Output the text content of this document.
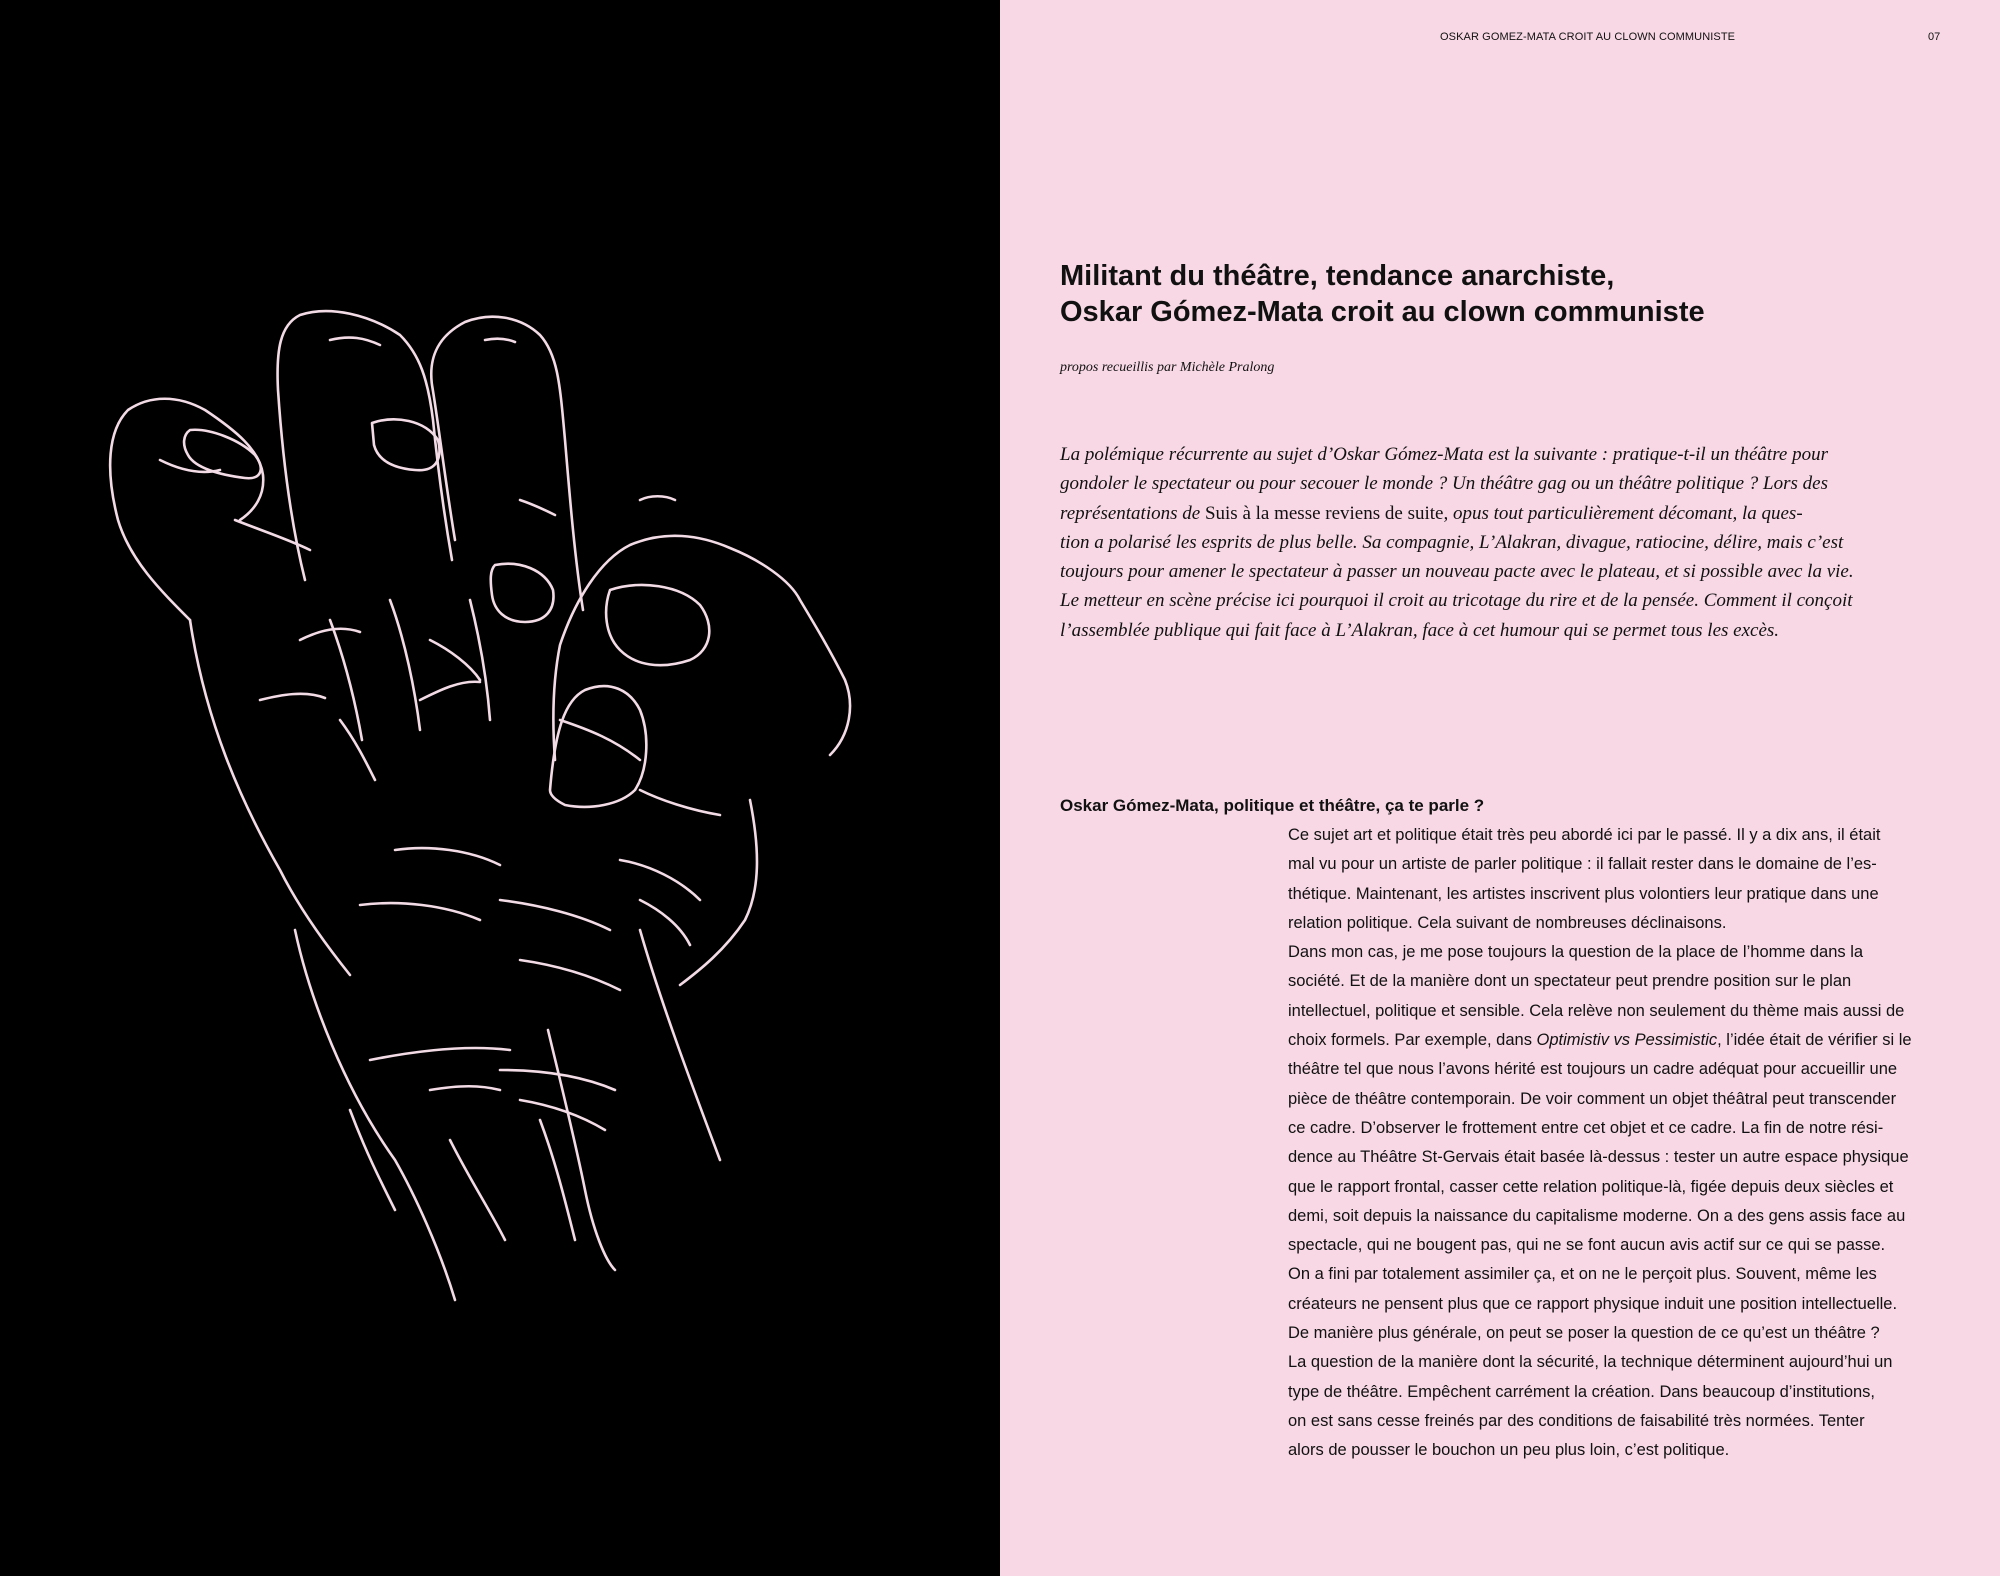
OSKAR GOMEZ-MATA CROIT AU CLOWN COMMUNISTE	07
Militant du théâtre, tendance anarchiste,
Oskar Gómez-Mata croit au clown communiste
propos recueillis par Michèle Pralong
La polémique récurrente au sujet d’Oskar Gómez-Mata est la suivante : pratique-t-il un théâtre pour
gondoler le spectateur ou pour secouer le monde ? Un théâtre gag ou un théâtre politique ? Lors des
représentations de Suis à la messe reviens de suite, opus tout particulièrement décomant, la ques-
tion a polarisé les esprits de plus belle. Sa compagnie, L’Alakran, divague, ratiocine, délire, mais c’est
toujours pour amener le spectateur à passer un nouveau pacte avec le plateau, et si possible avec la vie.
Le metteur en scène précise ici pourquoi il croit au tricotage du rire et de la pensée. Comment il conçoit
l’assemblée publique qui fait face à L’Alakran, face à cet humour qui se permet tous les excès.
Oskar Gómez-Mata, politique et théâtre, ça te parle ?
Ce sujet art et politique était très peu abordé ici par le passé. Il y a dix ans, il était
mal vu pour un artiste de parler politique : il fallait rester dans le domaine de l’es-
thétique. Maintenant, les artistes inscrivent plus volontiers leur pratique dans une
relation politique. Cela suivant de nombreuses déclinaisons.
Dans mon cas, je me pose toujours la question de la place de l’homme dans la
société. Et de la manière dont un spectateur peut prendre position sur le plan
intellectuel, politique et sensible. Cela relève non seulement du thème mais aussi de
choix formels. Par exemple, dans Optimistiv vs Pessimistic, l’idée était de vérifier si le
théâtre tel que nous l’avons hérité est toujours un cadre adéquat pour accueillir une
pièce de théâtre contemporain. De voir comment un objet théâtral peut transcender
ce cadre. D’observer le frottement entre cet objet et ce cadre. La fin de notre rési-
dence au Théâtre St-Gervais était basée là-dessus : tester un autre espace physique
que le rapport frontal, casser cette relation politique-là, figée depuis deux siècles et
demi, soit depuis la naissance du capitalisme moderne. On a des gens assis face au
spectacle, qui ne bougent pas, qui ne se font aucun avis actif sur ce qui se passe.
On a fini par totalement assimiler ça, et on ne le perçoit plus. Souvent, même les
créateurs ne pensent plus que ce rapport physique induit une position intellectuelle.
De manière plus générale, on peut se poser la question de ce qu’est un théâtre ?
La question de la manière dont la sécurité, la technique déterminent aujourd’hui un
type de théâtre. Empêchent carrément la création. Dans beaucoup d’institutions,
on est sans cesse freinés par des conditions de faisabilité très normées. Tenter
alors de pousser le bouchon un peu plus loin, c’est politique.
